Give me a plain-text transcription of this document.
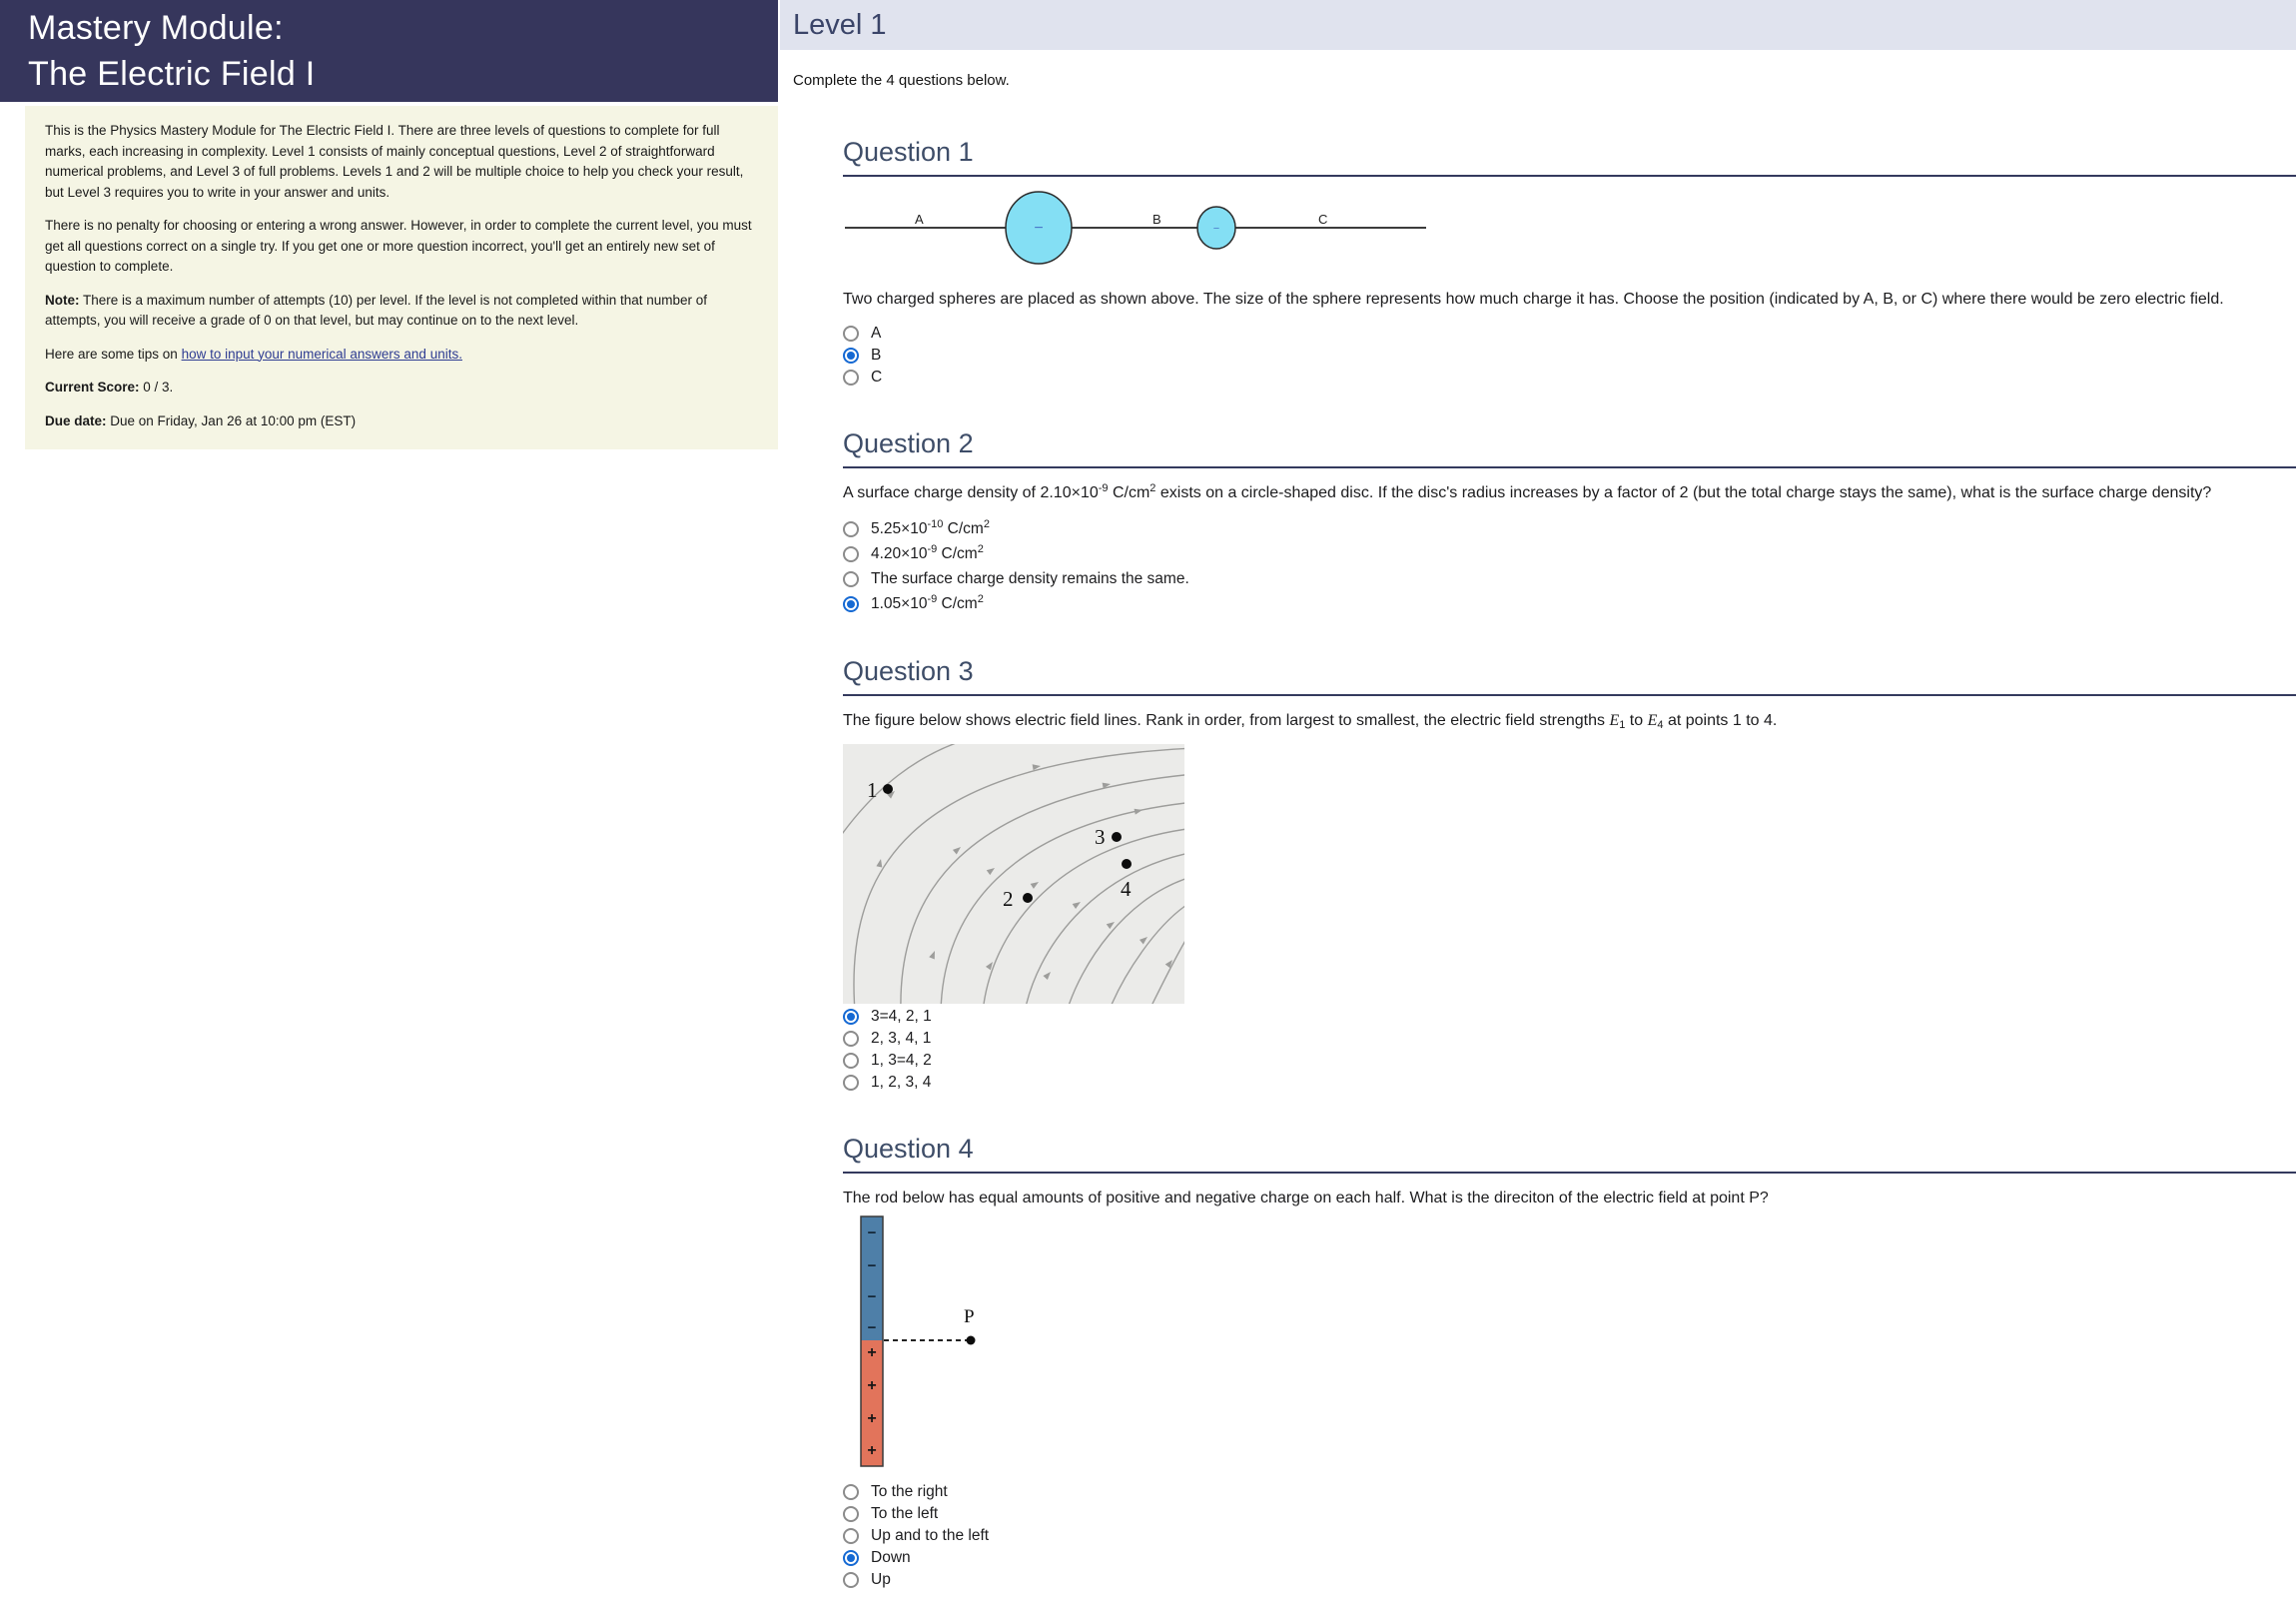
Mastery Module:
The Electric Field I

This is the Physics Mastery Module for The Electric Field I. There are three levels of questions to complete for full marks, each increasing in complexity. Level 1 consists of mainly conceptual questions, Level 2 of straightforward numerical problems, and Level 3 of full problems. Levels 1 and 2 will be multiple choice to help you check your result, but Level 3 requires you to write in your answer and units.

There is no penalty for choosing or entering a wrong answer. However, in order to complete the current level, you must get all questions correct on a single try. If you get one or more question incorrect, you'll get an entirely new set of question to complete.

Note: There is a maximum number of attempts (10) per level. If the level is not completed within that number of attempts, you will receive a grade of 0 on that level, but may continue on to the next level.

Here are some tips on how to input your numerical answers and units.

Current Score: 0 / 3.

Due date: Due on Friday, Jan 26 at 10:00 pm (EST)

Level 1
Complete the 4 questions below.
Question 1
A	B	C
−	−

Two charged spheres are placed as shown above. The size of the sphere represents how much charge it has. Choose the position (indicated by A, B, or C) where there would be zero electric field.

A
B
C
Question 2

A surface charge density of $2.10\times 10^{-9}$ $C/cm^2$ exists on a circle-shaped disc. If the disc's radius increases by a factor of 2 (but the total charge stays the same), what is the surface charge density?

$5.25\times 10^{-10}$ $C/cm^2$
$4.20\times 10^{-9}$ $C/cm^2$
The surface charge density remains the same.
$1.05\times 10^{-9}$ $C/cm^2$
Question 3

The figure below shows electric field lines. Rank in order, from largest to smallest, the electric field strengths $E_1$ to $E_4$ at points 1 to 4.

1
2
3
4
3=4, 2, 1
2, 3, 4, 1
1, 3=4, 2
1, 2, 3, 4
Question 4

The rod below has equal amounts of positive and negative charge on each half. What is the direciton of the electric field at point P?

−
−
−
−
+
+
+
+
P
To the right
To the left
Up and to the left
Down
Up
